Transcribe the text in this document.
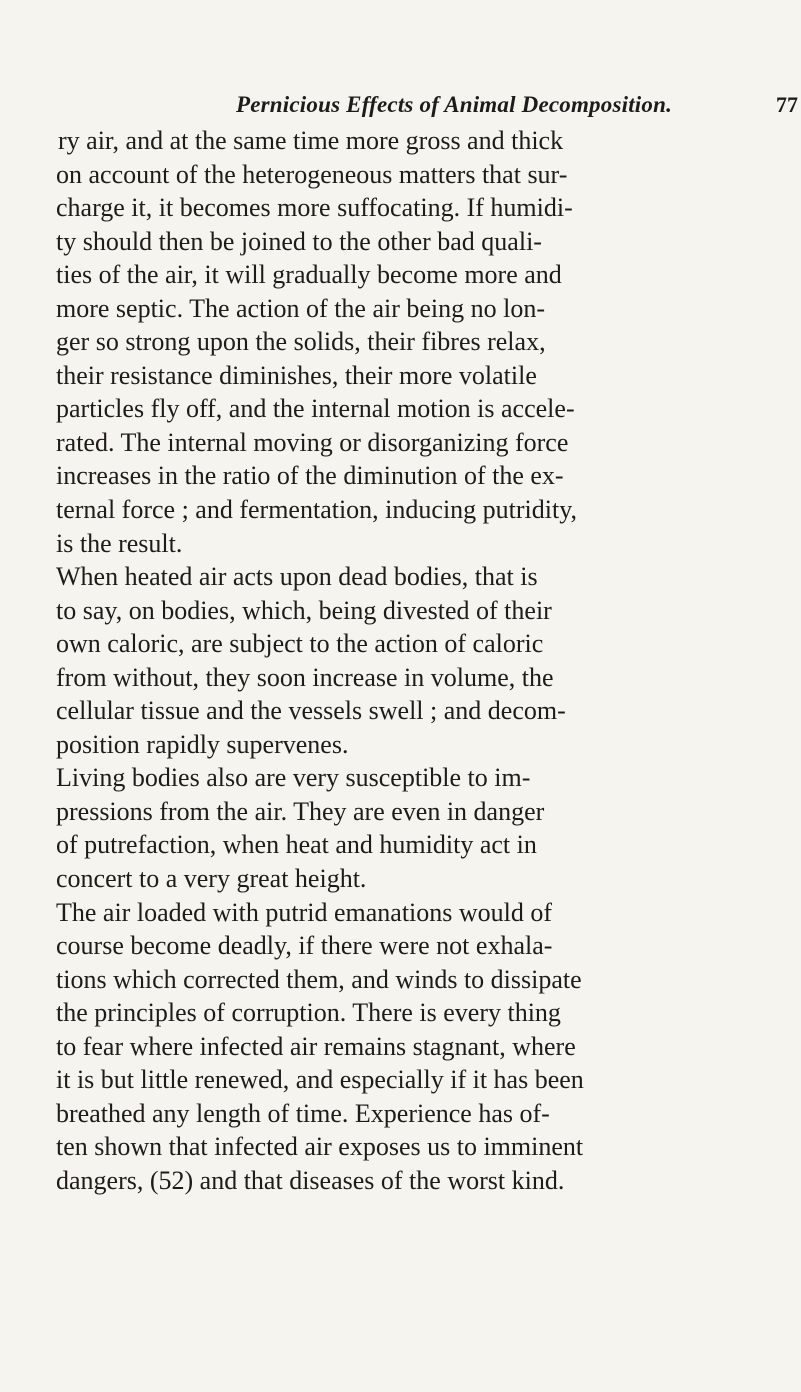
Pernicious Effects of Animal Decomposition.	77
ry air, and at the same time more gross and thick
on account of the heterogeneous matters that sur-
charge it, it becomes more suffocating. If humidi-
ty should then be joined to the other bad quali-
ties of the air, it will gradually become more and
more septic. The action of the air being no lon-
ger so strong upon the solids, their fibres relax,
their resistance diminishes, their more volatile
particles fly off, and the internal motion is accele-
rated. The internal moving or disorganizing force
increases in the ratio of the diminution of the ex-
ternal force ; and fermentation, inducing putridity,
is the result.
When heated air acts upon dead bodies, that is
to say, on bodies, which, being divested of their
own caloric, are subject to the action of caloric
from without, they soon increase in volume, the
cellular tissue and the vessels swell ; and decom-
position rapidly supervenes.
Living bodies also are very susceptible to im-
pressions from the air. They are even in danger
of putrefaction, when heat and humidity act in
concert to a very great height.
The air loaded with putrid emanations would of
course become deadly, if there were not exhala-
tions which corrected them, and winds to dissipate
the principles of corruption. There is every thing
to fear where infected air remains stagnant, where
it is but little renewed, and especially if it has been
breathed any length of time. Experience has of-
ten shown that infected air exposes us to imminent
dangers, (52) and that diseases of the worst kind.
